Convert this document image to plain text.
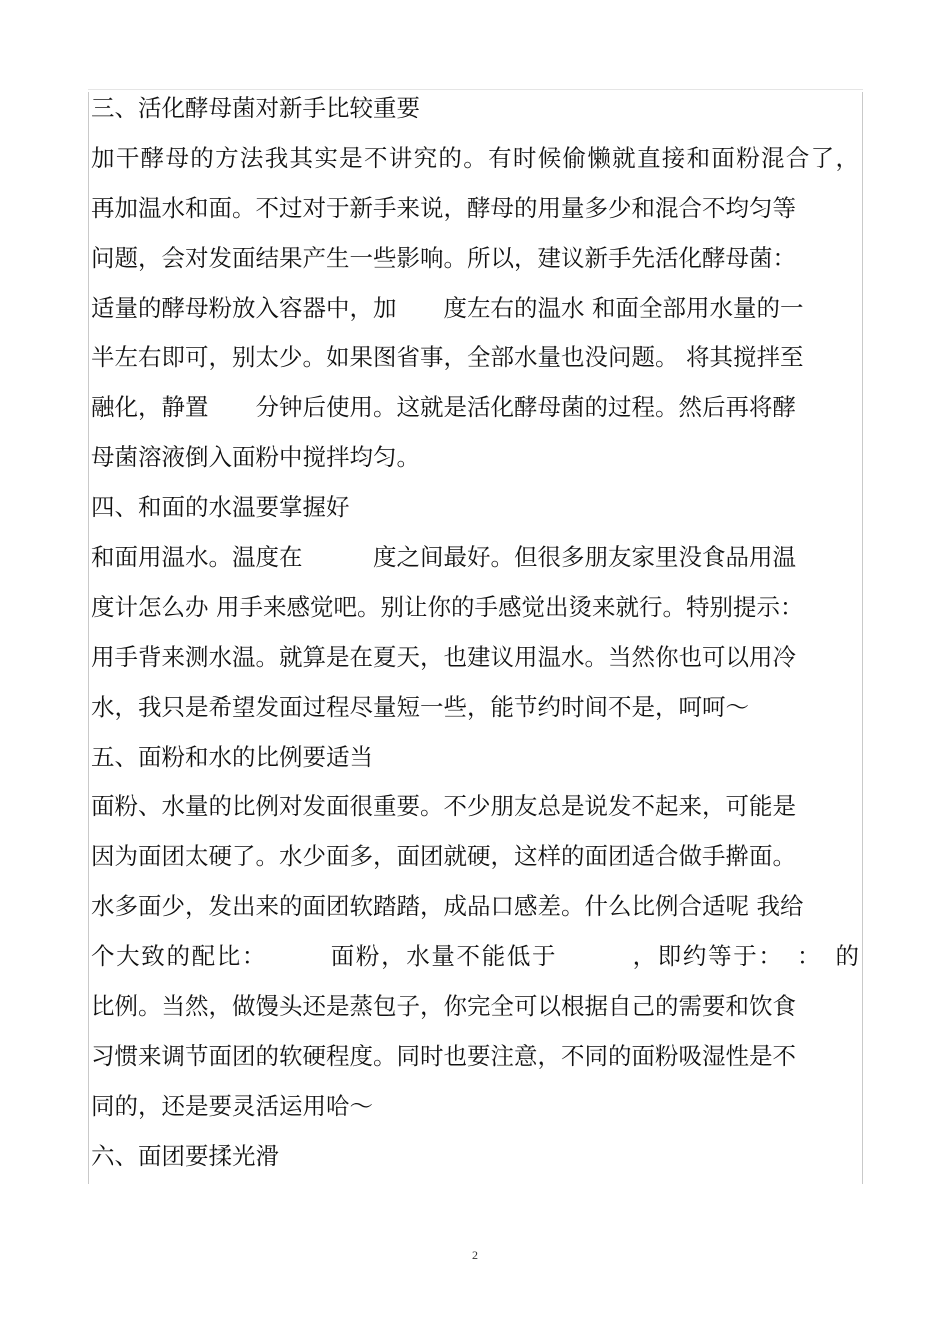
三、活化酵母菌对新手比较重要
加干酵母的方法我其实是不讲究的。有时候偷懒就直接和面粉混合了，
再加温水和面。不过对于新手来说，酵母的用量多少和混合不均匀等
问题，会对发面结果产生一些影响。所以，建议新手先活化酵母菌：
适量的酵母粉放入容器中，加　　度左右的温水 和面全部用水量的一
半左右即可，别太少。如果图省事，全部水量也没问题。 将其搅拌至
融化，静置　　分钟后使用。这就是活化酵母菌的过程。然后再将酵
母菌溶液倒入面粉中搅拌均匀。
四、和面的水温要掌握好
和面用温水。温度在　　　度之间最好。但很多朋友家里没食品用温
度计怎么办 用手来感觉吧。别让你的手感觉出烫来就行。特别提示：
用手背来测水温。就算是在夏天，也建议用温水。当然你也可以用冷
水，我只是希望发面过程尽量短一些，能节约时间不是，呵呵～
五、面粉和水的比例要适当
面粉、水量的比例对发面很重要。不少朋友总是说发不起来，可能是
因为面团太硬了。水少面多，面团就硬，这样的面团适合做手擀面。
水多面少，发出来的面团软踏踏，成品口感差。什么比例合适呢 我给
个大致的配比：　　　面粉，水量不能低于　　　，即约等于：　：　的
比例。当然，做馒头还是蒸包子，你完全可以根据自己的需要和饮食
习惯来调节面团的软硬程度。同时也要注意，不同的面粉吸湿性是不
同的，还是要灵活运用哈～
六、面团要揉光滑
2
